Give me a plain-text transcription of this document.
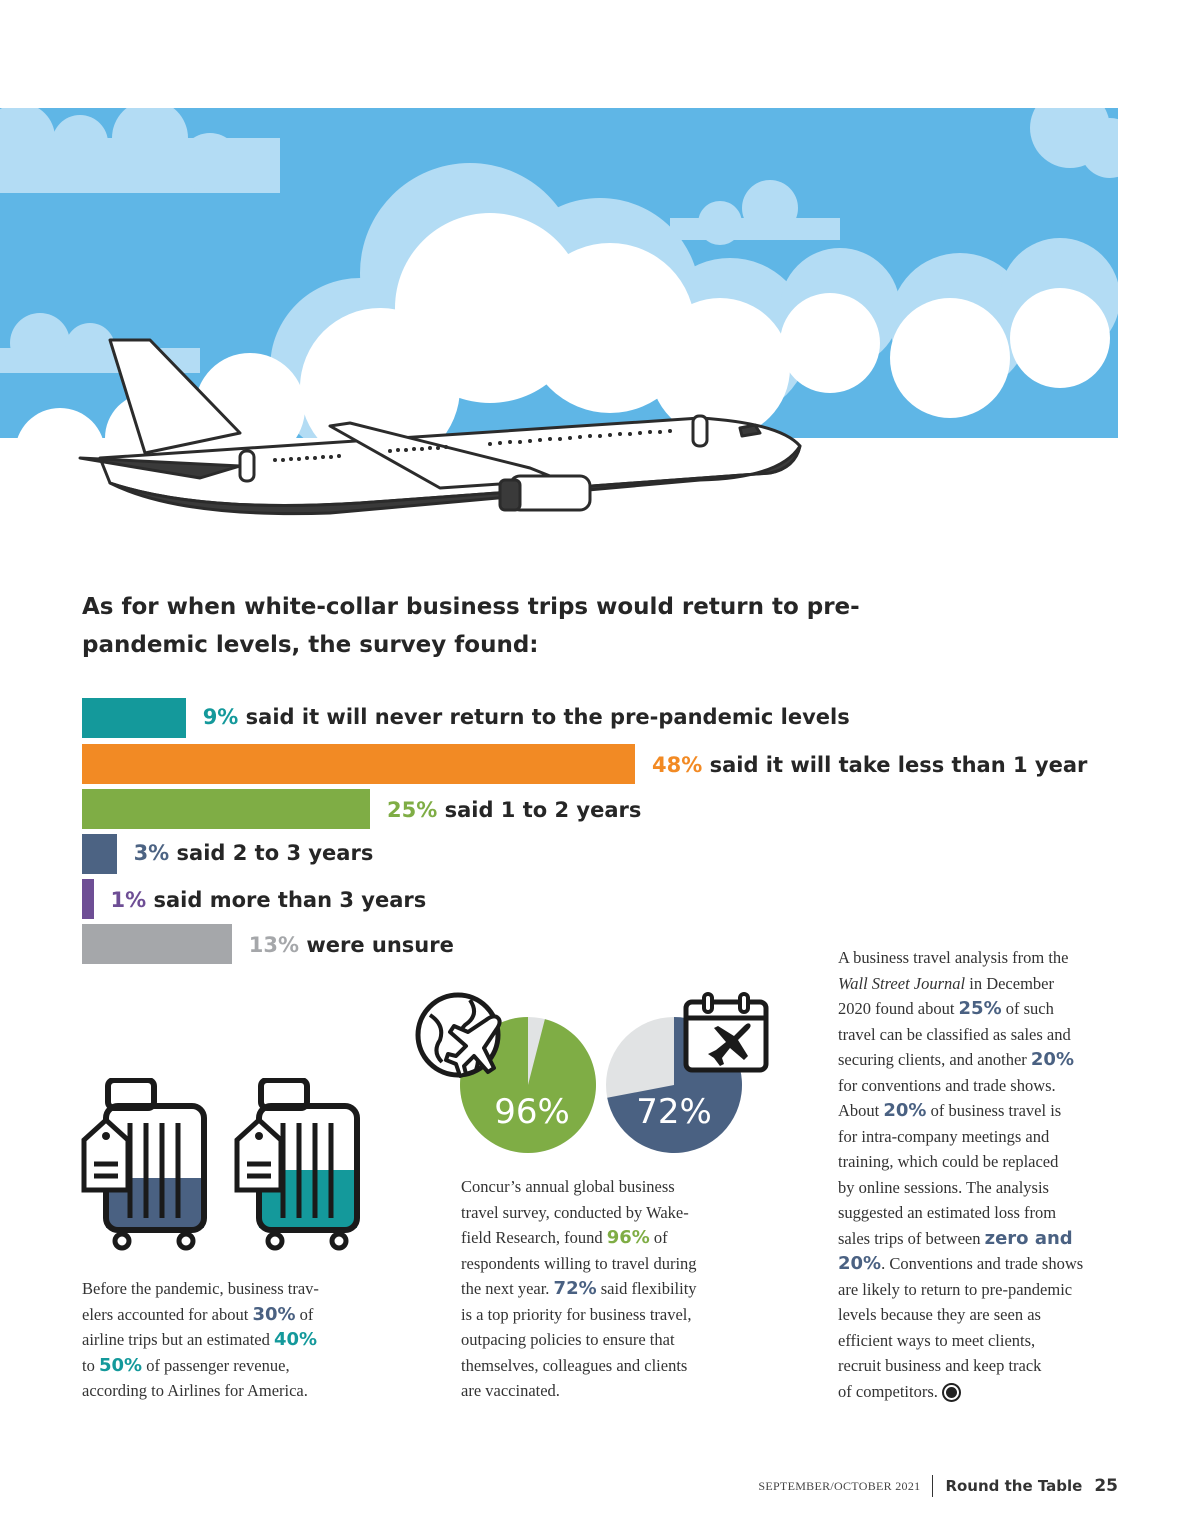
As for when white-collar business trips would return to pre-pandemic levels, the survey found:
9% said it will never return to the pre-pandemic levels
48% said it will take less than 1 year
25% said 1 to 2 years
3% said 2 to 3 years
1% said more than 3 years
13% were unsure
96% 72%
Before the pandemic, business trav-
elers accounted for about 30% of
airline trips but an estimated 40%
to 50% of passenger revenue,
according to Airlines for America.
Concur’s annual global business
travel survey, conducted by Wake-
field Research, found 96% of
respondents willing to travel during
the next year. 72% said flexibility
is a top priority for business travel,
outpacing policies to ensure that
themselves, colleagues and clients
are vaccinated.
A business travel analysis from the
Wall Street Journal in December
2020 found about 25% of such
travel can be classified as sales and
securing clients, and another 20%
for conventions and trade shows.
About 20% of business travel is
for intra-company meetings and
training, which could be replaced
by online sessions. The analysis
suggested an estimated loss from
sales trips of between zero and
20%. Conventions and trade shows
are likely to return to pre-pandemic
levels because they are seen as
efficient ways to meet clients,
recruit business and keep track
of competitors.
SEPTEMBER/OCTOBER 2021 Round the Table 25
